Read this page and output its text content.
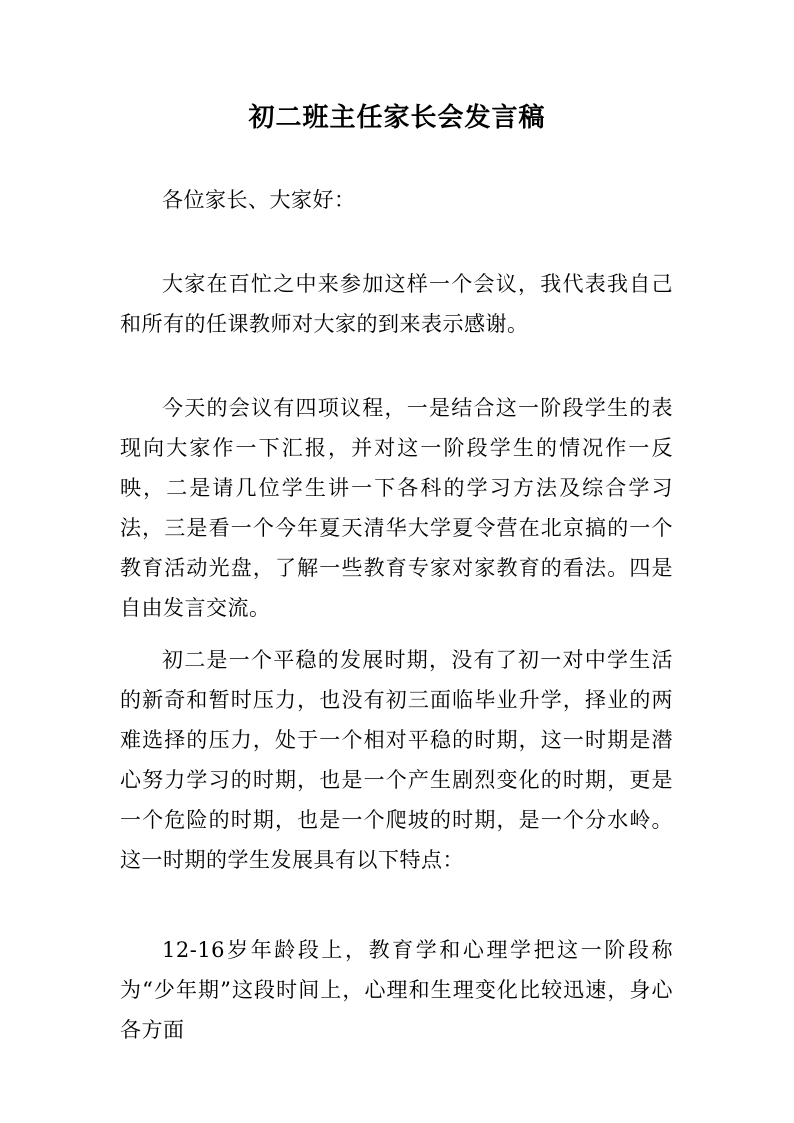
初二班主任家长会发言稿

各位家长、大家好：

大家在百忙之中来参加这样一个会议，我代表我自己和所有的任课教师对大家的到来表示感谢。

今天的会议有四项议程，一是结合这一阶段学生的表现向大家作一下汇报，并对这一阶段学生的情况作一反映，二是请几位学生讲一下各科的学习方法及综合学习法，三是看一个今年夏天清华大学夏令营在北京搞的一个教育活动光盘，了解一些教育专家对家教育的看法。四是自由发言交流。

初二是一个平稳的发展时期，没有了初一对中学生活的新奇和暂时压力，也没有初三面临毕业升学，择业的两难选择的压力，处于一个相对平稳的时期，这一时期是潜心努力学习的时期，也是一个产生剧烈变化的时期，更是一个危险的时期，也是一个爬坡的时期，是一个分水岭。这一时期的学生发展具有以下特点：

12-16岁年龄段上，教育学和心理学把这一阶段称为“少年期”这段时间上，心理和生理变化比较迅速，身心各方面
